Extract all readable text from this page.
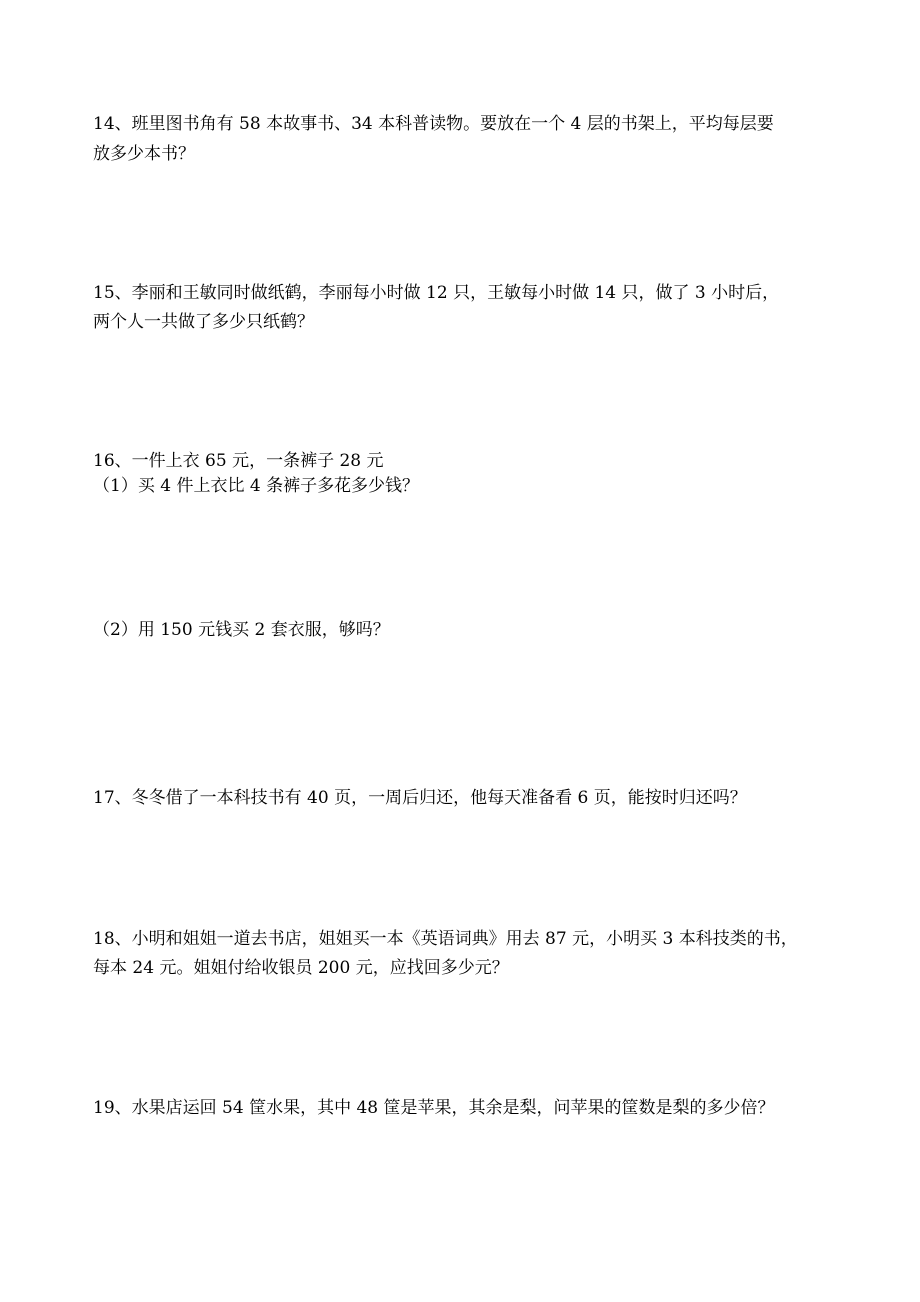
14、班里图书角有 58 本故事书、34 本科普读物。要放在一个 4 层的书架上，平均每层要
放多少本书？
15、李丽和王敏同时做纸鹤，李丽每小时做 12 只，王敏每小时做 14 只，做了 3 小时后，
两个人一共做了多少只纸鹤？
16、一件上衣 65 元，一条裤子 28 元
（1）买 4 件上衣比 4 条裤子多花多少钱？
（2）用 150 元钱买 2 套衣服，够吗？
17、冬冬借了一本科技书有 40 页，一周后归还，他每天准备看 6 页，能按时归还吗？
18、小明和姐姐一道去书店，姐姐买一本《英语词典》用去 87 元，小明买 3 本科技类的书，
每本 24 元。姐姐付给收银员 200 元，应找回多少元？
19、水果店运回 54 筐水果，其中 48 筐是苹果，其余是梨，问苹果的筐数是梨的多少倍？
